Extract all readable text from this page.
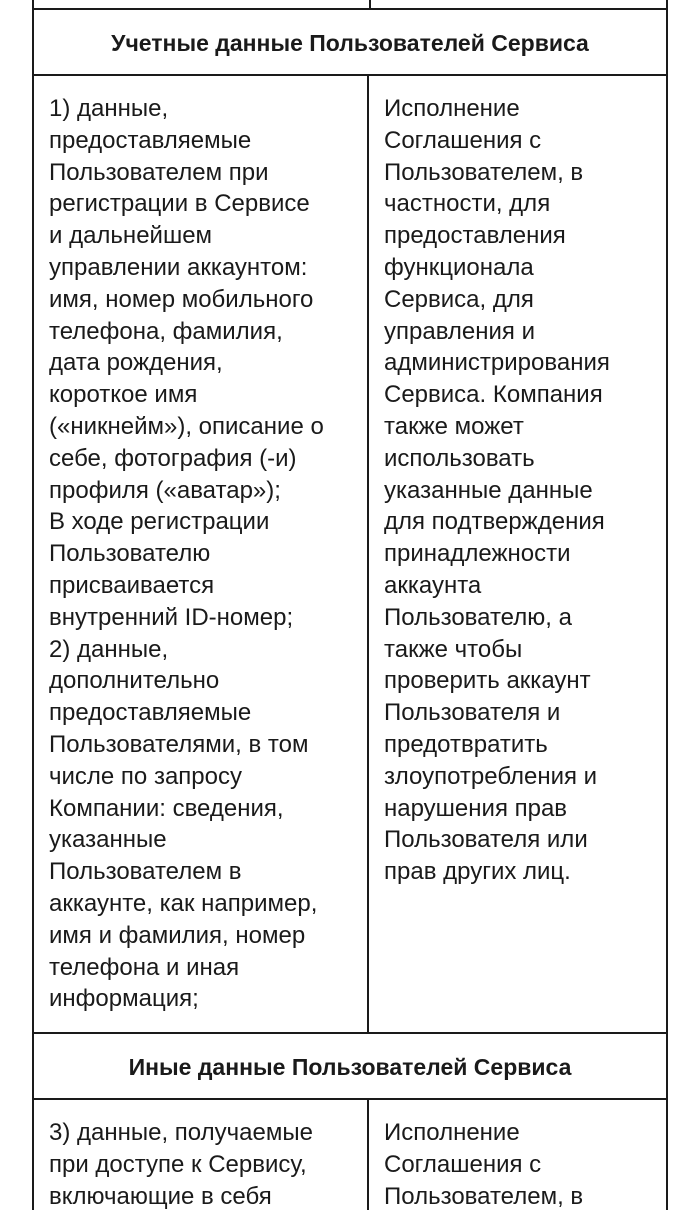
Учетные данные Пользователей Сервиса
1) данные,
предоставляемые
Пользователем при
регистрации в Сервисе
и дальнейшем
управлении аккаунтом:
имя, номер мобильного
телефона, фамилия,
дата рождения,
короткое имя
(«никнейм»), описание о
себе, фотография (-и)
профиля («аватар»);
В ходе регистрации
Пользователю
присваивается
внутренний ID-номер;
2) данные,
дополнительно
предоставляемые
Пользователями, в том
числе по запросу
Компании: сведения,
указанные
Пользователем в
аккаунте, как например,
имя и фамилия, номер
телефона и иная
информация;
Исполнение
Соглашения с
Пользователем, в
частности, для
предоставления
функционала
Сервиса, для
управления и
администрирования
Сервиса. Компания
также может
использовать
указанные данные
для подтверждения
принадлежности
аккаунта
Пользователю, а
также чтобы
проверить аккаунт
Пользователя и
предотвратить
злоупотребления и
нарушения прав
Пользователя или
прав других лиц.
Иные данные Пользователей Сервиса
3) данные, получаемые
при доступе к Сервису,
включающие в себя
Исполнение
Соглашения с
Пользователем, в
